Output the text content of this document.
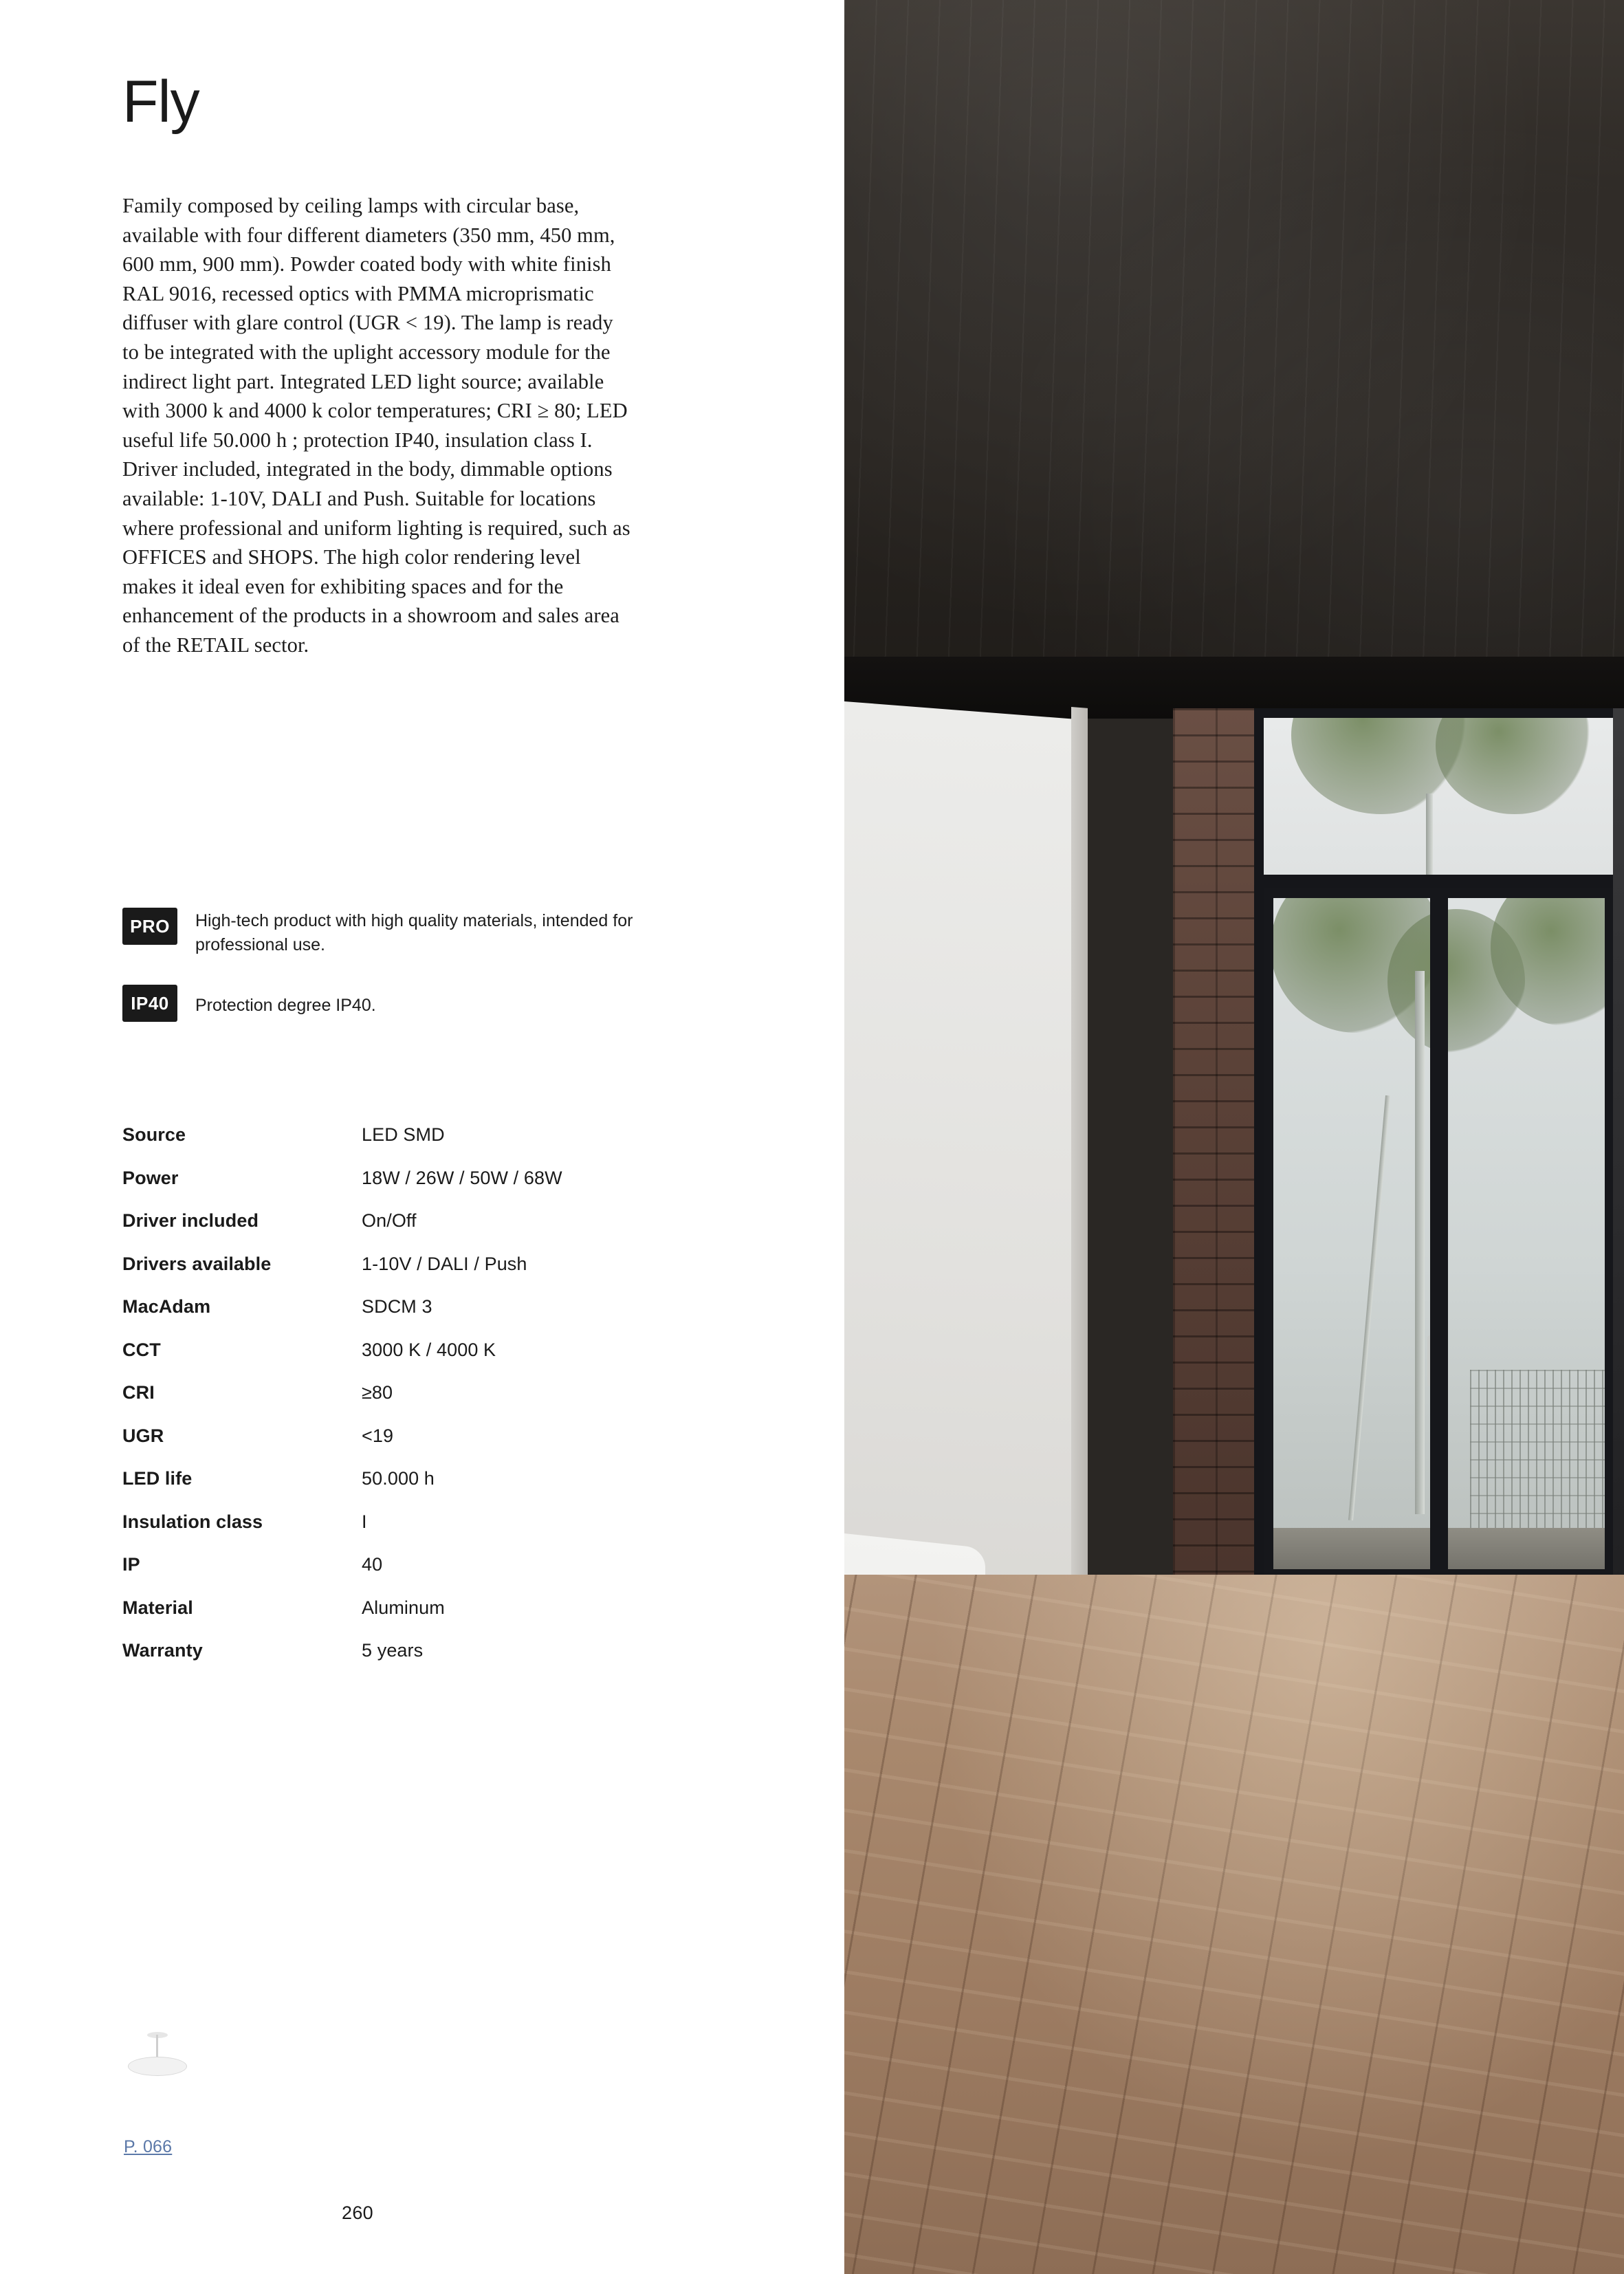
Fly

Family composed by ceiling lamps with circular base, available with four different diameters (350 mm, 450 mm, 600 mm, 900 mm). Powder coated body with white finish RAL 9016, recessed optics with PMMA microprismatic diffuser with glare control (UGR < 19). The lamp is ready to be integrated with the uplight accessory module for the indirect light part. Integrated LED light source; available with 3000 k and 4000 k color temperatures; CRI ≥ 80; LED useful life 50.000 h ; protection IP40, insulation class I. Driver included, integrated in the body, dimmable options available: 1-10V, DALI and Push. Suitable for locations where professional and uniform lighting is required, such as OFFICES and SHOPS. The high color rendering level makes it ideal even for exhibiting spaces and for the enhancement of the products in a showroom and sales area of the RETAIL sector.

PRO	High-tech product with high quality materials, intended for professional use.
IP40	Protection degree IP40.
Source	LED SMD
Power	18W / 26W / 50W / 68W
Driver included	On/Off
Drivers available	1-10V / DALI / Push
MacAdam	SDCM 3
CCT	3000 K / 4000 K
CRI	≥80
UGR	<19
LED life	50.000 h
Insulation class	I
IP	40
Material	Aluminum
Warranty	5 years
P. 066
260
